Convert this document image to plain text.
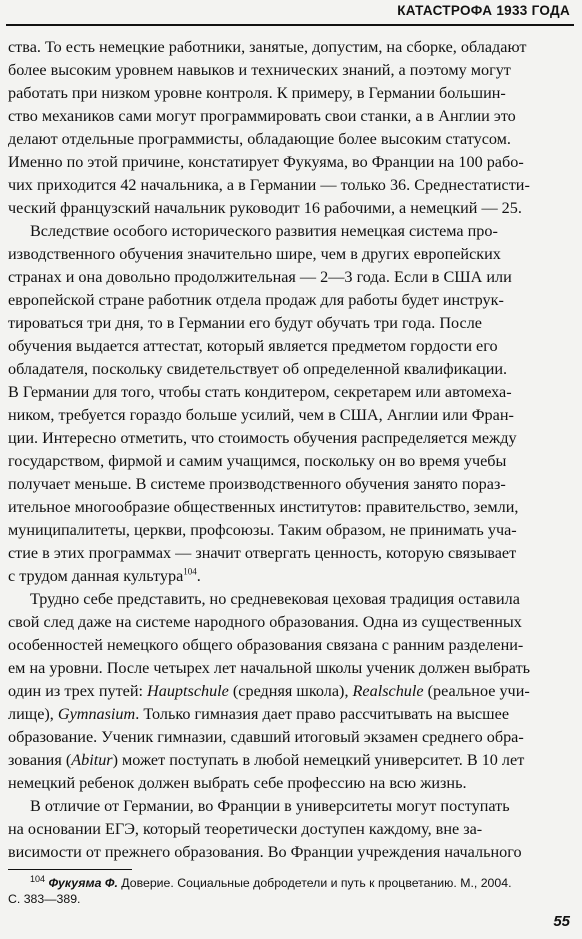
КАТАСТРОФА 1933 ГОДА
ства. То есть немецкие работники, занятые, допустим, на сборке, обладают
более высоким уровнем навыков и технических знаний, а поэтому могут
работать при низком уровне контроля. К примеру, в Германии большин-
ство механиков сами могут программировать свои станки, а в Англии это
делают отдельные программисты, обладающие более высоким статусом.
Именно по этой причине, констатирует Фукуяма, во Франции на 100 рабо-
чих приходится 42 начальника, а в Германии — только 36. Среднестатисти-
ческий французский начальник руководит 16 рабочими, а немецкий — 25.
Вследствие особого исторического развития немецкая система про-
изводственного обучения значительно шире, чем в других европейских
странах и она довольно продолжительная — 2—3 года. Если в США или
европейской стране работник отдела продаж для работы будет инструк-
тироваться три дня, то в Германии его будут обучать три года. После
обучения выдается аттестат, который является предметом гордости его
обладателя, поскольку свидетельствует об определенной квалификации.
В Германии для того, чтобы стать кондитером, секретарем или автомеха-
ником, требуется гораздо больше усилий, чем в США, Англии или Фран-
ции. Интересно отметить, что стоимость обучения распределяется между
государством, фирмой и самим учащимся, поскольку он во время учебы
получает меньше. В системе производственного обучения занято пораз-
ительное многообразие общественных институтов: правительство, земли,
муниципалитеты, церкви, профсоюзы. Таким образом, не принимать уча-
стие в этих программах — значит отвергать ценность, которую связывает
с трудом данная культура$^{104}$.
Трудно себе представить, но средневековая цеховая традиция оставила
свой след даже на системе народного образования. Одна из существенных
особенностей немецкого общего образования связана с ранним разделени-
ем на уровни. После четырех лет начальной школы ученик должен выбрать
один из трех путей: Hauptschule (средняя школа), Realschule (реальное учи-
лище), Gymnasium. Только гимназия дает право рассчитывать на высшее
образование. Ученик гимназии, сдавший итоговый экзамен среднего обра-
зования (Abitur) может поступать в любой немецкий университет. В 10 лет
немецкий ребенок должен выбрать себе профессию на всю жизнь.
В отличие от Германии, во Франции в университеты могут поступать
на основании ЕГЭ, который теоретически доступен каждому, вне за-
висимости от прежнего образования. Во Франции учреждения начального
$^{104}$ Фукуяма Ф. Доверие. Социальные добродетели и путь к процветанию. М., 2004.
С. 383—389.
55
